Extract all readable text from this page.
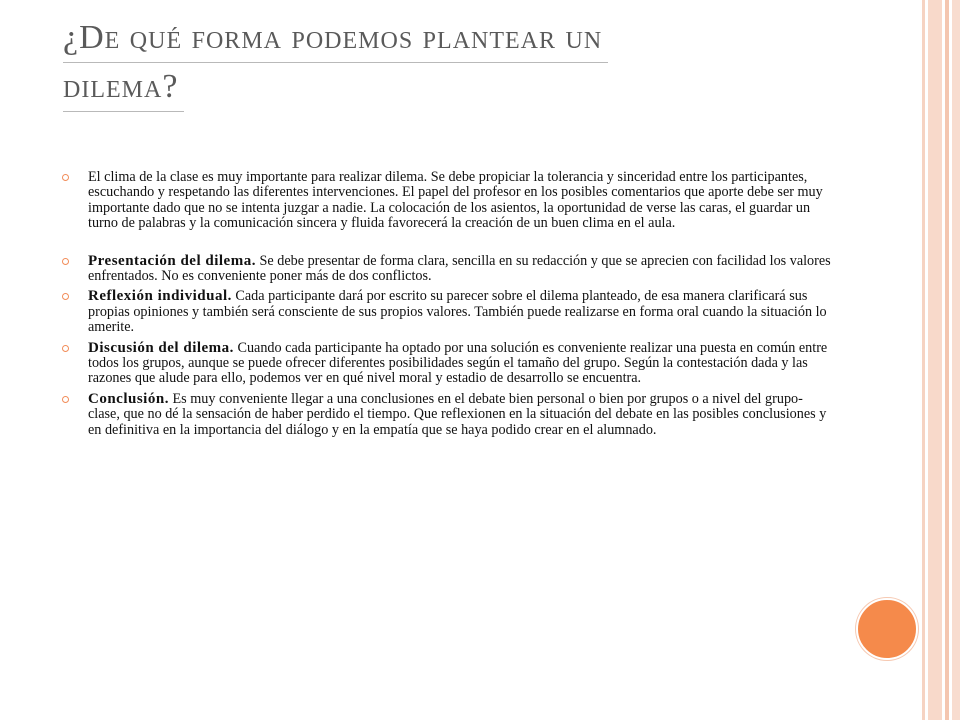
¿De qué forma podemos plantear un
dilema?
El clima de la clase es muy importante para realizar dilema. Se debe propiciar la tolerancia y sinceridad entre los participantes, escuchando y respetando las diferentes intervenciones. El papel del profesor en los posibles comentarios que aporte debe ser muy importante dado que no se intenta juzgar a nadie. La colocación de los asientos, la oportunidad de verse las caras, el guardar un turno de palabras y la comunicación sincera y fluida favorecerá la creación de un buen clima en el aula.
Presentación del dilema. Se debe presentar de forma clara, sencilla en su redacción y que se aprecien con facilidad los valores enfrentados. No es conveniente poner más de dos conflictos.
Reflexión individual. Cada participante dará por escrito su parecer sobre el dilema planteado, de esa manera clarificará sus propias opiniones y también será consciente de sus propios valores. También puede realizarse en forma oral cuando la situación lo amerite.
Discusión del dilema. Cuando cada participante ha optado por una solución es conveniente realizar una puesta en común entre todos los grupos, aunque se puede ofrecer diferentes posibilidades según el tamaño del grupo. Según la contestación dada y las razones que alude para ello, podemos ver en qué nivel moral y estadio de desarrollo se encuentra.
Conclusión. Es muy conveniente llegar a una conclusiones en el debate bien personal o bien por grupos o a nivel del grupo-clase, que no dé la sensación de haber perdido el tiempo. Que reflexionen en la situación del debate en las posibles conclusiones y en definitiva en la importancia del diálogo y en la empatía que se haya podido crear en el alumnado.
